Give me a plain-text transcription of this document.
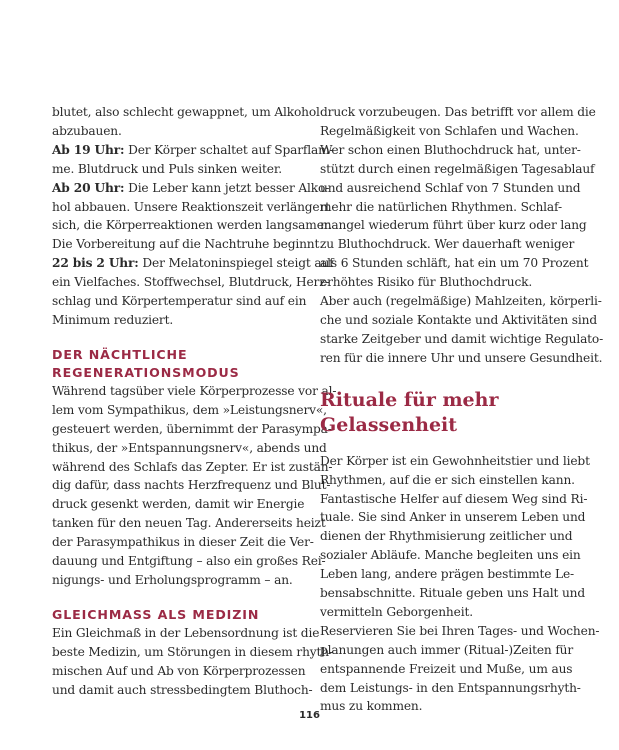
blutet, also schlecht gewappnet, um Alkohol
abzubauen.
Ab 19 Uhr: Der Körper schaltet auf Sparflam-
me. Blutdruck und Puls sinken weiter.
Ab 20 Uhr: Die Leber kann jetzt besser Alko-
hol abbauen. Unsere Reaktionszeit verlängert
sich, die Körperreaktionen werden langsamer.
Die Vorbereitung auf die Nachtruhe beginnt.
22 bis 2 Uhr: Der Melatoninspiegel steigt auf
ein Vielfaches. Stoffwechsel, Blutdruck, Herz-
schlag und Körpertemperatur sind auf ein
Minimum reduziert.
DER NÄCHTLICHE
REGENERATIONSMODUS
Während tagsüber viele Körperprozesse vor al-
lem vom Sympathikus, dem »Leistungsnerv«,
gesteuert werden, übernimmt der Parasympa-
thikus, der »Entspannungsnerv«, abends und
während des Schlafs das Zepter. Er ist zustän-
dig dafür, dass nachts Herzfrequenz und Blut-
druck gesenkt werden, damit wir Energie
tanken für den neuen Tag. Andererseits heizt
der Parasympathikus in dieser Zeit die Ver-
dauung und Entgiftung – also ein großes Rei-
nigungs- und Erholungsprogramm – an.
GLEICHMASS ALS MEDIZIN
Ein Gleichmaß in der Lebensordnung ist die
beste Medizin, um Störungen in diesem rhyth-
mischen Auf und Ab von Körperprozessen
und damit auch stressbedingtem Bluthoch-
druck vorzubeugen. Das betrifft vor allem die
Regelmäßigkeit von Schlafen und Wachen.
Wer schon einen Bluthochdruck hat, unter-
stützt durch einen regelmäßigen Tagesablauf
und ausreichend Schlaf von 7 Stunden und
mehr die natürlichen Rhythmen. Schlaf-
mangel wiederum führt über kurz oder lang
zu Bluthochdruck. Wer dauerhaft weniger
als 6 Stunden schläft, hat ein um 70 Prozent
erhöhtes Risiko für Bluthochdruck.
Aber auch (regelmäßige) Mahlzeiten, körperli-
che und soziale Kontakte und Aktivitäten sind
starke Zeitgeber und damit wichtige Regulato-
ren für die innere Uhr und unsere Gesundheit.
Rituale für mehr
Gelassenheit
Der Körper ist ein Gewohnheitstier und liebt
Rhythmen, auf die er sich einstellen kann.
Fantastische Helfer auf diesem Weg sind Ri-
tuale. Sie sind Anker in unserem Leben und
dienen der Rhythmisierung zeitlicher und
sozialer Abläufe. Manche begleiten uns ein
Leben lang, andere prägen bestimmte Le-
bensabschnitte. Rituale geben uns Halt und
vermitteln Geborgenheit.
Reservieren Sie bei Ihren Tages- und Wochen-
planungen auch immer (Ritual-)Zeiten für
entspannende Freizeit und Muße, um aus
dem Leistungs- in den Entspannungsrhyth-
mus zu kommen.
116
